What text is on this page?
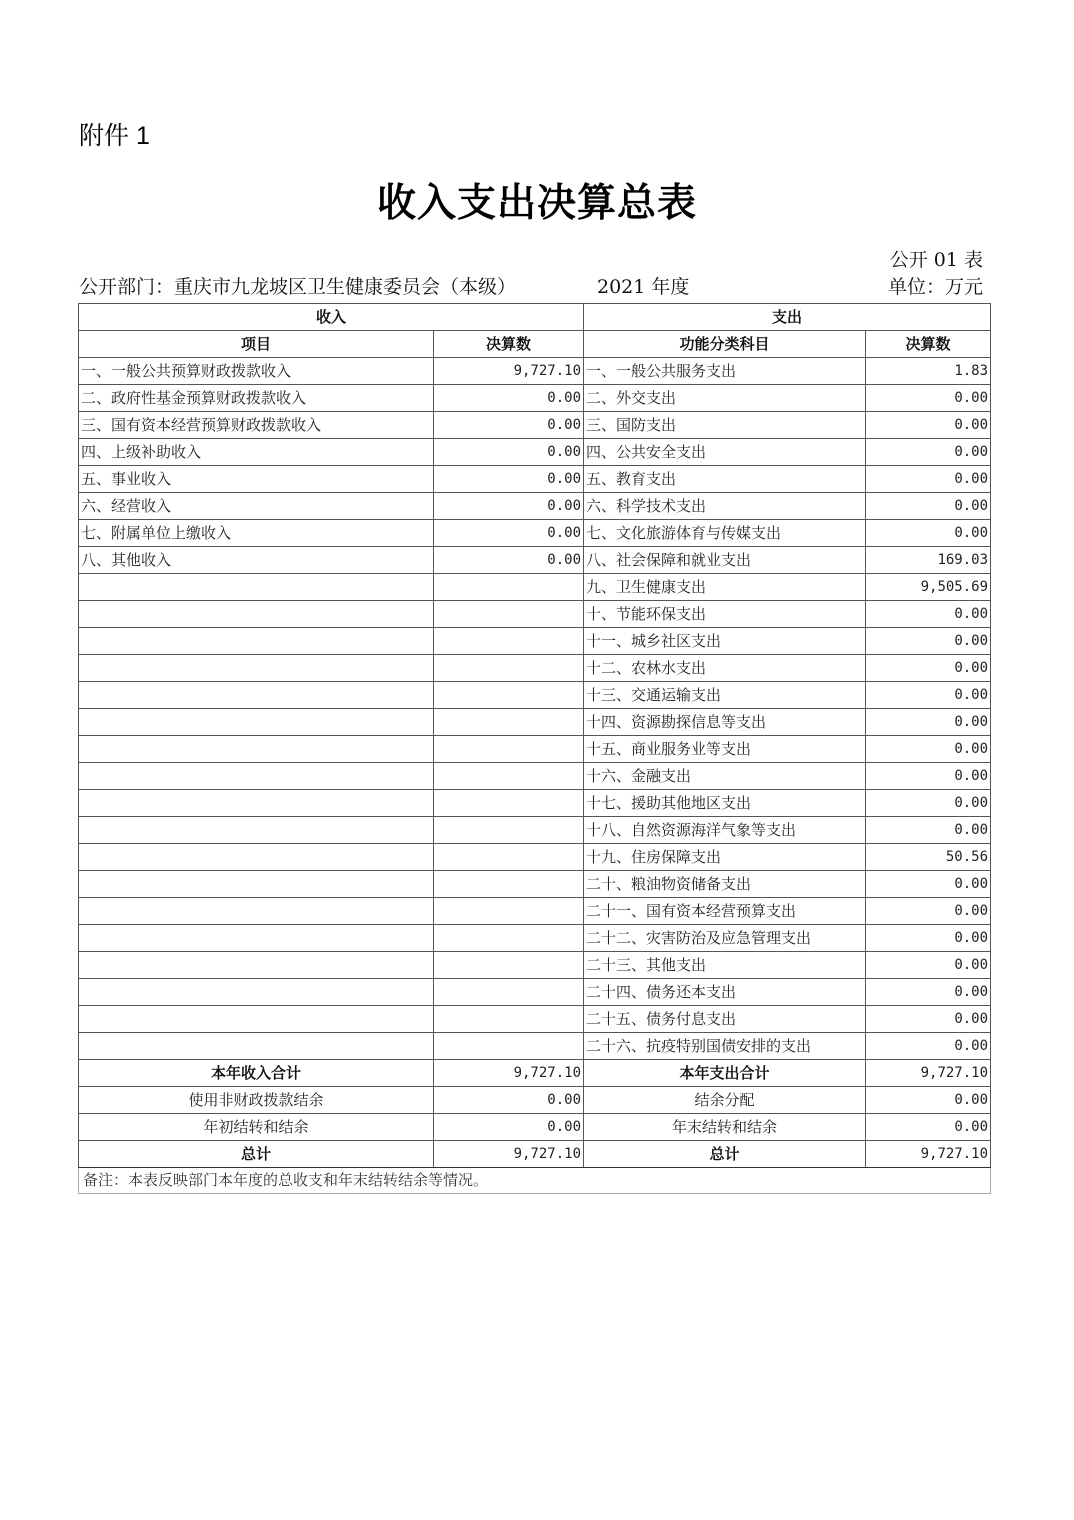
附件 1
收入支出决算总表
公开 01 表
公开部门：重庆市九龙坡区卫生健康委员会（本级）	2021 年度	单位：万元
收入		支出	
项目	决算数	功能分类科目	决算数
一、一般公共预算财政拨款收入	9,727.10	一、一般公共服务支出	1.83
二、政府性基金预算财政拨款收入	0.00	二、外交支出	0.00
三、国有资本经营预算财政拨款收入	0.00	三、国防支出	0.00
四、上级补助收入	0.00	四、公共安全支出	0.00
五、事业收入	0.00	五、教育支出	0.00
六、经营收入	0.00	六、科学技术支出	0.00
七、附属单位上缴收入	0.00	七、文化旅游体育与传媒支出	0.00
八、其他收入	0.00	八、社会保障和就业支出	169.03
		九、卫生健康支出	9,505.69
		十、节能环保支出	0.00
		十一、城乡社区支出	0.00
		十二、农林水支出	0.00
		十三、交通运输支出	0.00
		十四、资源勘探信息等支出	0.00
		十五、商业服务业等支出	0.00
		十六、金融支出	0.00
		十七、援助其他地区支出	0.00
		十八、自然资源海洋气象等支出	0.00
		十九、住房保障支出	50.56
		二十、粮油物资储备支出	0.00
		二十一、国有资本经营预算支出	0.00
		二十二、灾害防治及应急管理支出	0.00
		二十三、其他支出	0.00
		二十四、债务还本支出	0.00
		二十五、债务付息支出	0.00
		二十六、抗疫特别国债安排的支出	0.00
本年收入合计	9,727.10	本年支出合计	9,727.10
使用非财政拨款结余	0.00	结余分配	0.00
年初结转和结余	0.00	年末结转和结余	0.00
总计	9,727.10	总计	9,727.10
备注：本表反映部门本年度的总收支和年末结转结余等情况。			
